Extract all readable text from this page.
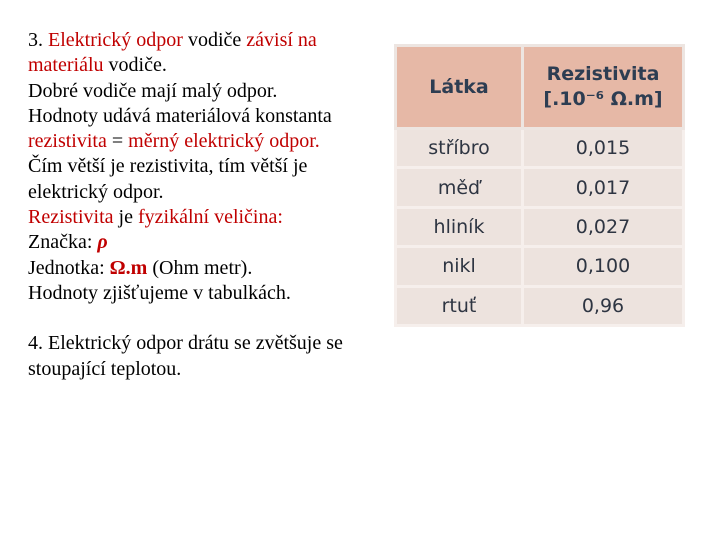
3. Elektrický odpor vodiče závisí na materiálu vodiče.

Dobré vodiče mají malý odpor.

Hodnoty udává materiálová konstanta rezistivita = měrný elektrický odpor.

Čím větší je rezistivita, tím větší je elektrický odpor.

Rezistivita je fyzikální veličina:

Značka: ρ

Jednotka: Ω.m (Ohm metr).

Hodnoty zjišťujeme v tabulkách.

4. Elektrický odpor drátu se zvětšuje se stoupající teplotou.

Látka	Rezistivita
[.10⁻⁶ Ω.m]

stříbro	0,015
měď	0,017
hliník	0,027
nikl	0,100
rtuť	0,96
